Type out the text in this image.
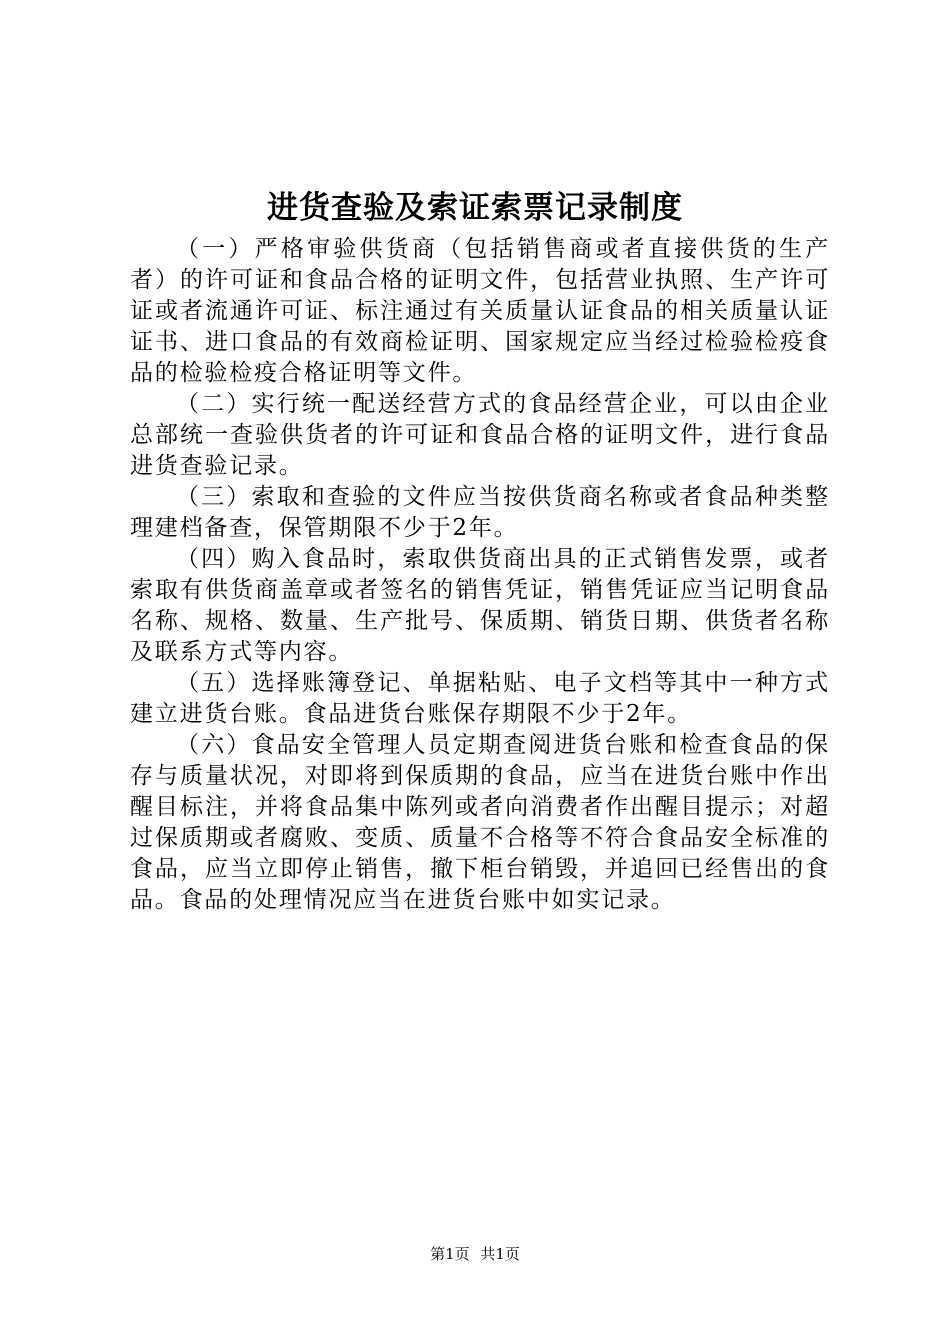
进货查验及索证索票记录制度

（一）严格审验供货商（包括销售商或者直接供货的生产者）的许可证和食品合格的证明文件，包括营业执照、生产许可证或者流通许可证、标注通过有关质量认证食品的相关质量认证证书、进口食品的有效商检证明、国家规定应当经过检验检疫食品的检验检疫合格证明等文件。

（二）实行统一配送经营方式的食品经营企业，可以由企业总部统一查验供货者的许可证和食品合格的证明文件，进行食品进货查验记录。

（三）索取和查验的文件应当按供货商名称或者食品种类整理建档备查，保管期限不少于2年。

（四）购入食品时，索取供货商出具的正式销售发票，或者索取有供货商盖章或者签名的销售凭证，销售凭证应当记明食品名称、规格、数量、生产批号、保质期、销货日期、供货者名称及联系方式等内容。

（五）选择账簿登记、单据粘贴、电子文档等其中一种方式建立进货台账。食品进货台账保存期限不少于2年。

（六）食品安全管理人员定期查阅进货台账和检查食品的保存与质量状况，对即将到保质期的食品，应当在进货台账中作出醒目标注，并将食品集中陈列或者向消费者作出醒目提示；对超过保质期或者腐败、变质、质量不合格等不符合食品安全标准的食品，应当立即停止销售，撤下柜台销毁，并追回已经售出的食品。食品的处理情况应当在进货台账中如实记录。

第1页 共1页
